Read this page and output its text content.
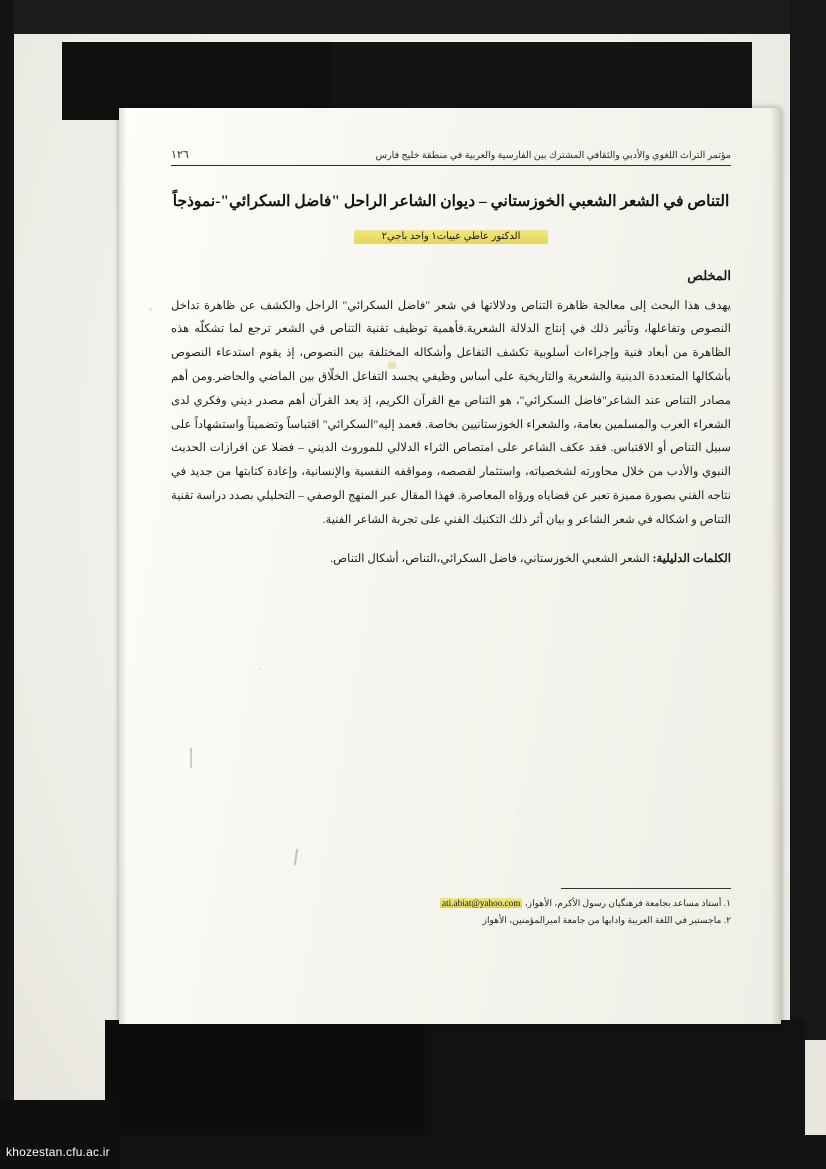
مؤتمر التراث اللغوي والأدبي والثقافي المشترك بين الفارسية والعربية في منطقة خليج فارس
١٢٦
التناص في الشعر الشعبي الخوزستاني – ديوان الشاعر الراحل "فاضل السكرائي"-نموذجاً

الدكتور عاطي عبيات١ واحد باجي٢

المخلص

يهدف هذا البحث إلى معالجة ظاهرة التناص ودلالاتها في شعر "فاضل السكرائي" الراحل والكشف عن ظاهرة تداخل النصوص وتفاعلها، وتأثير ذلك في إنتاج الدلالة الشعرية.فأهمية توظيف تقنية التناص في الشعر ترجع لما تشكلّه هذه الظاهرة من أبعاد فنية وإجراءات أسلوبية تكشف التفاعل وأشكاله المختلفة بين النصوص، إذ يقوم استدعاء النصوص بأشكالها المتعددة الدينية والشعرية والتاريخية على أساس وظيفي يجسد التفاعل الخلّاق بين الماضي والحاضر.ومن أهم مصادر التناص عند الشاعر"فاضل السكرائي"، هو التناص مع القرآن الكريم، إذ يعد القرآن أهم مصدر ديني وفكري لدى الشعراء العرب والمسلمين بعامة، والشعراء الخوزستانيين بخاصة. فعمد إليه"السكرائي" اقتباساً وتضميناً واستشهاداً على سبيل التناص أو الاقتباس. فقد عكف الشاعر على امتصاص الثراء الدلالي للموروث الديني – فضلا عن افرازات الحديث النبوي والأدب من خلال محاورته لشخصياته، واستثمار لقصصه، ومواقفه النفسية والإنسانية، وإعادة كتابتها من جديد في نتاجه الفني بصورة مميزة تعبر عن قضاياه ورؤاه المعاصرة. فهذا المقال عبر المنهج الوصفي – التحليلي بصدد دراسة تقنية التناص و اشكاله في شعر الشاعر و بيان أثر ذلك التكنيك الفني على تجربة الشاعر الفنية.

الكلمات الدليلية: الشعر الشعبي الخوزستاني، فاضل السكرائي،التناص، أشكال التناص.

١. أستاذ مساعد بجامعة فرهنگیان رسول الأكرم، الأهواز، ati.abiat@yahoo.com

٢. ماجستير في اللغة العربية وادابها من جامعة اميرالمؤمنين، الأهواز

khozestan.cfu.ac.ir
